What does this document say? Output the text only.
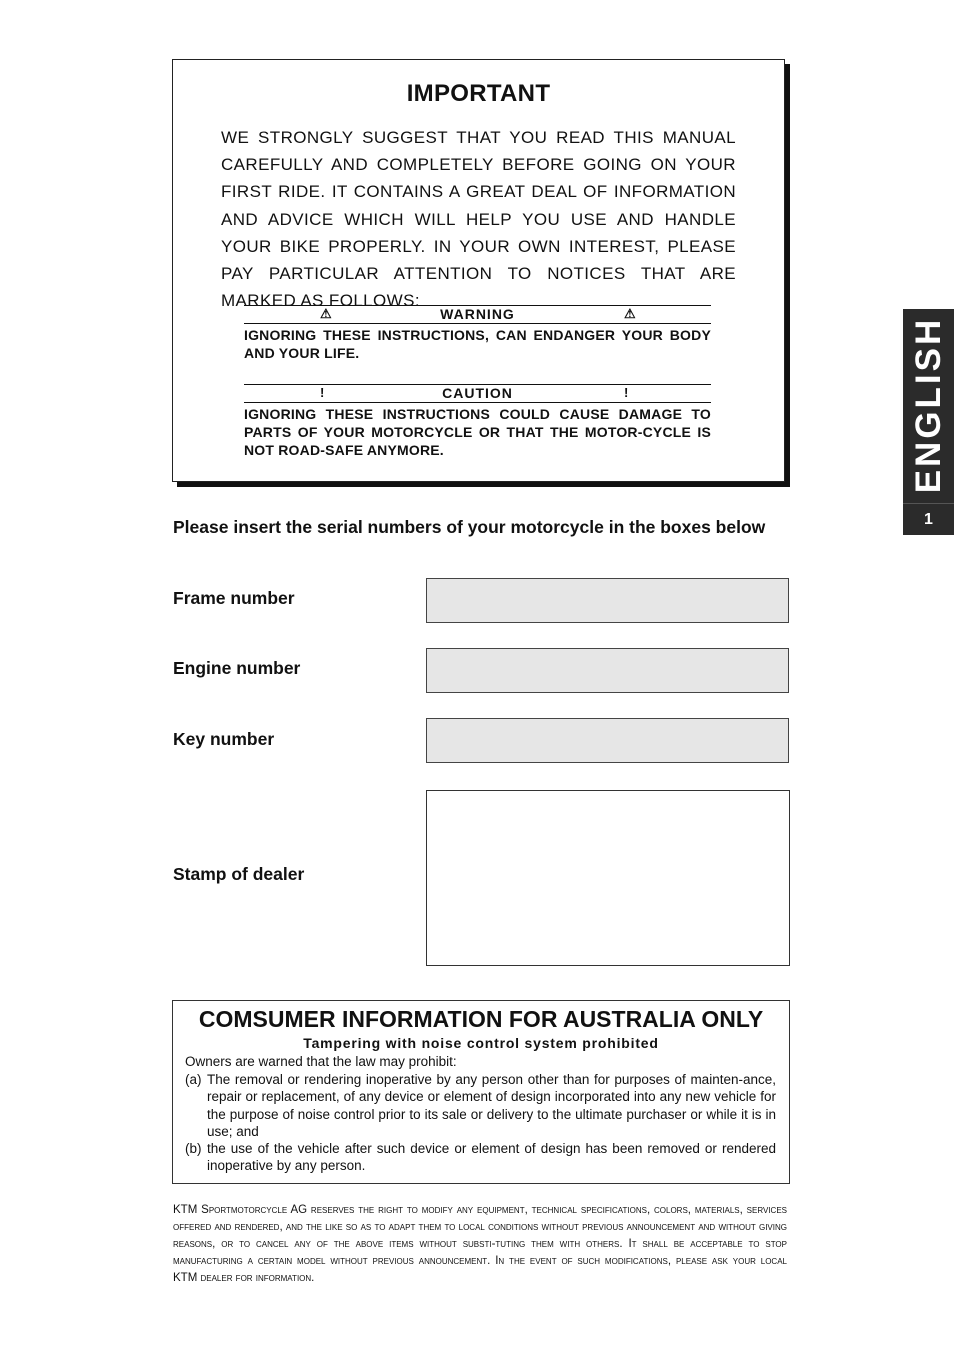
IMPORTANT
WE STRONGLY SUGGEST THAT YOU READ THIS MANUAL CAREFULLY AND COMPLETELY BEFORE GOING ON YOUR FIRST RIDE. IT CONTAINS A GREAT DEAL OF INFORMATION AND ADVICE WHICH WILL HELP YOU USE AND HANDLE YOUR BIKE PROPERLY. IN YOUR OWN INTEREST, PLEASE PAY PARTICULAR ATTENTION TO NOTICES THAT ARE MARKED AS FOLLOWS:
⚠	WARNING	⚠
IGNORING THESE INSTRUCTIONS, CAN ENDANGER YOUR BODY AND YOUR LIFE.
!	CAUTION	!
IGNORING THESE INSTRUCTIONS COULD CAUSE DAMAGE TO PARTS OF YOUR MOTORCYCLE OR THAT THE MOTOR-CYCLE IS NOT ROAD-SAFE ANYMORE.
Please insert the serial numbers of your motorcycle in the boxes below
Frame number
Engine number
Key number
Stamp of dealer
COMSUMER INFORMATION FOR AUSTRALIA ONLY
Tampering with noise control system prohibited
Owners are warned that the law may prohibit:
(a) The removal or rendering inoperative by any person other than for purposes of mainten-ance, repair or replacement, of any device or element of design incorporated into any new vehicle for the purpose of noise control prior to its sale or delivery to the ultimate purchaser or while it is in use; and
(b) the use of the vehicle after such device or element of design has been removed or rendered inoperative by any person.
KTM Sportmotorcycle AG reserves the right to modify any equipment, technical specifications, colors, materials, services offered and rendered, and the like so as to adapt them to local conditions without previous announcement and without giving reasons, or to cancel any of the above items without substi-tuting them with others. It shall be acceptable to stop manufacturing a certain model without previous announcement. In the event of such modifications, please ask your local KTM dealer for information.
ENGLISH
1
